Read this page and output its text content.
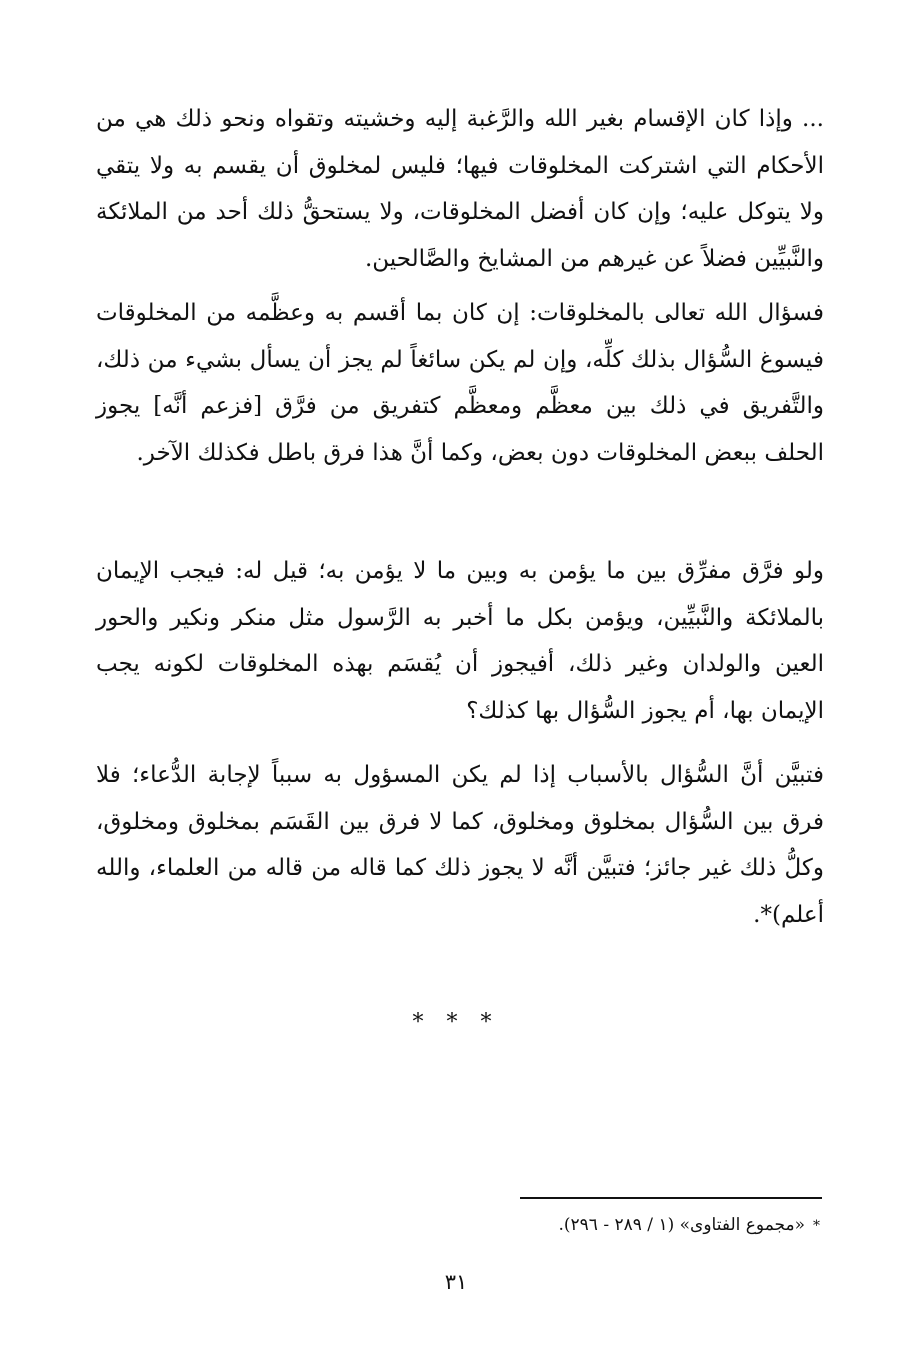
... وإذا كان الإقسام بغير الله والرَّغبة إليه وخشيته وتقواه ونحو ذلك هي من الأحكام التي اشتركت المخلوقات فيها؛ فليس لمخلوق أن يقسم به ولا يتقي ولا يتوكل عليه؛ وإن كان أفضل المخلوقات، ولا يستحقُّ ذلك أحد من الملائكة والنَّبيِّين فضلاً عن غيرهم من المشايخ والصَّالحين.

فسؤال الله تعالى بالمخلوقات: إن كان بما أقسم به وعظَّمه من المخلوقات فيسوغ السُّؤال بذلك كلِّه، وإن لم يكن سائغاً لم يجز أن يسأل بشيء من ذلك، والتَّفريق في ذلك بين معظَّم ومعظَّم كتفريق من فرَّق [فزعم أنَّه] يجوز الحلف ببعض المخلوقات دون بعض، وكما أنَّ هذا فرق باطل فكذلك الآخر.

ولو فرَّق مفرِّق بين ما يؤمن به وبين ما لا يؤمن به؛ قيل له: فيجب الإيمان بالملائكة والنَّبيِّين، ويؤمن بكل ما أخبر به الرَّسول مثل منكر ونكير والحور العين والولدان وغير ذلك، أفيجوز أن يُقسَم بهذه المخلوقات لكونه يجب الإيمان بها، أم يجوز السُّؤال بها كذلك؟

فتبيَّن أنَّ السُّؤال بالأسباب إذا لم يكن المسؤول به سبباً لإجابة الدُّعاء؛ فلا فرق بين السُّؤال بمخلوق ومخلوق، كما لا فرق بين القَسَم بمخلوق ومخلوق، وكلُّ ذلك غير جائز؛ فتبيَّن أنَّه لا يجوز ذلك كما قاله من قاله من العلماء، والله أعلم)*.

* * *
*«مجموع الفتاوى» (١ / ٢٨٩ - ٢٩٦).
٣١
